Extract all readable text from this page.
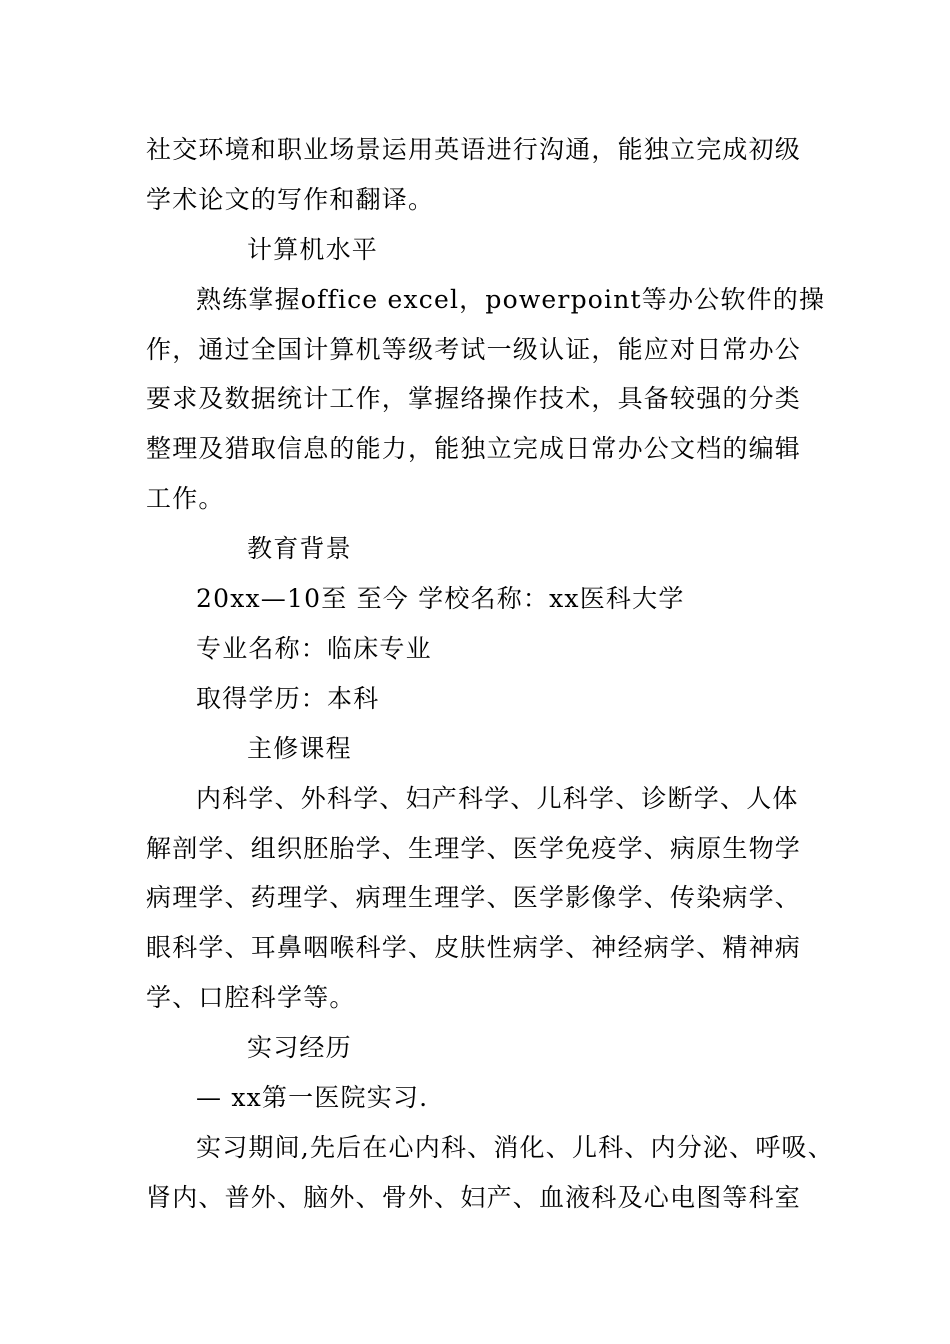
社交环境和职业场景运用英语进行沟通，能独立完成初级
学术论文的写作和翻译。
计算机水平
熟练掌握office excel，powerpoint等办公软件的操
作，通过全国计算机等级考试一级认证，能应对日常办公
要求及数据统计工作，掌握络操作技术，具备较强的分类
整理及猎取信息的能力，能独立完成日常办公文档的编辑
工作。
教育背景
20xx—10至 至今 学校名称：xx医科大学
专业名称：临床专业
取得学历：本科
主修课程
内科学、外科学、妇产科学、儿科学、诊断学、人体
解剖学、组织胚胎学、生理学、医学免疫学、病原生物学
病理学、药理学、病理生理学、医学影像学、传染病学、
眼科学、耳鼻咽喉科学、皮肤性病学、神经病学、精神病
学、口腔科学等。
实习经历
— xx第一医院实习.
实习期间,先后在心内科、消化、儿科、内分泌、呼吸、
肾内、普外、脑外、骨外、妇产、血液科及心电图等科室
